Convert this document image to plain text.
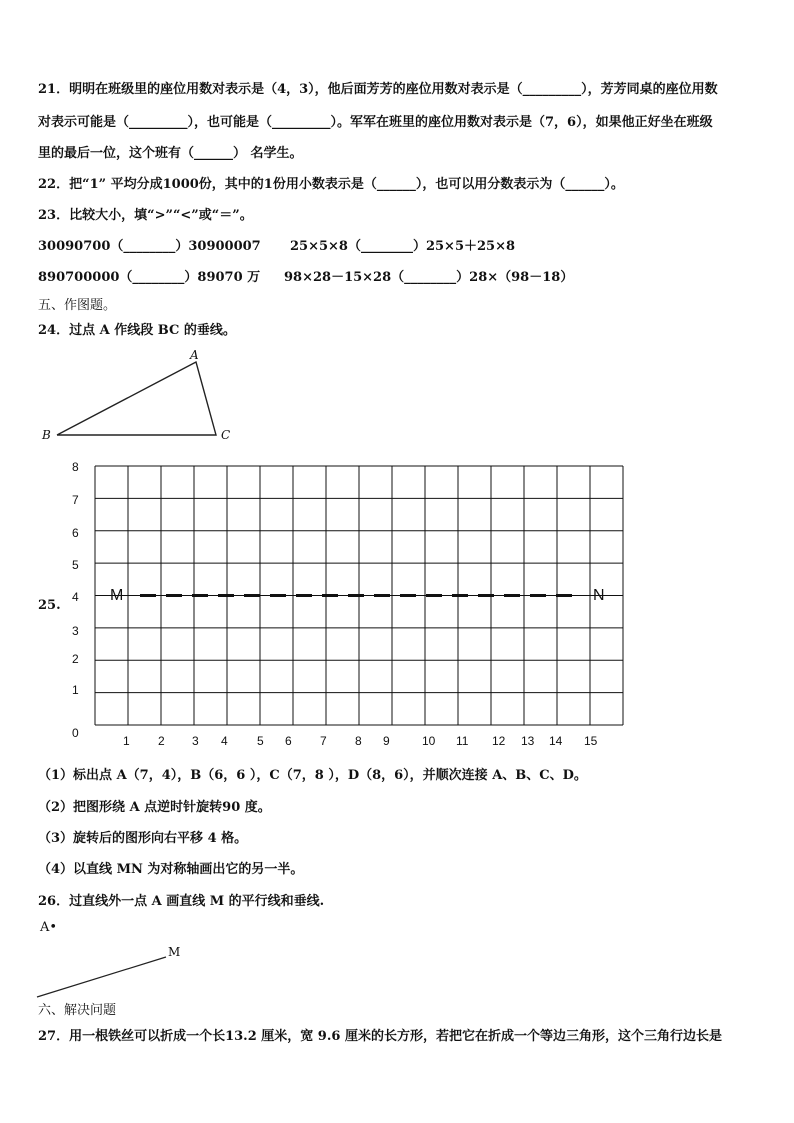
21．明明在班级里的座位用数对表示是（4，3），他后面芳芳的座位用数对表示是（_________），芳芳同桌的座位用数
对表示可能是（_________），也可能是（_________）。军军在班里的座位用数对表示是（7，6），如果他正好坐在班级
里的最后一位，这个班有（______） 名学生。
22．把“1” 平均分成1000份，其中的1份用小数表示是（______），也可以用分数表示为（______）。
23．比较大小，填“>”“<”或“＝”。
30090700（________）30900007 25×5×8（________）25×5＋25×8
890700000（________）89070 万 98×28－15×28（________）28×（98－18）
五、作图题。
24．过点 A 作线段 BC 的垂线。
A
B	C
25.
1 2 3 4 5 6 7 8 9	10 11 12 13 14 15
0
1
2
3
4
5
6
7
8
M	N
（1）标出点 A（7，4），B（6，6 ），C（7，8 ），D（8，6），并顺次连接 A、B、C、D。
（2）把图形绕 A 点逆时针旋转90 度。
（3）旋转后的图形向右平移 4 格。
（4）以直线 MN 为对称轴画出它的另一半。
26．过直线外一点 A 画直线 M 的平行线和垂线.
A•
M
六、解决问题
27．用一根铁丝可以折成一个长13.2 厘米，宽 9.6 厘米的长方形，若把它在折成一个等边三角形，这个三角行边长是
